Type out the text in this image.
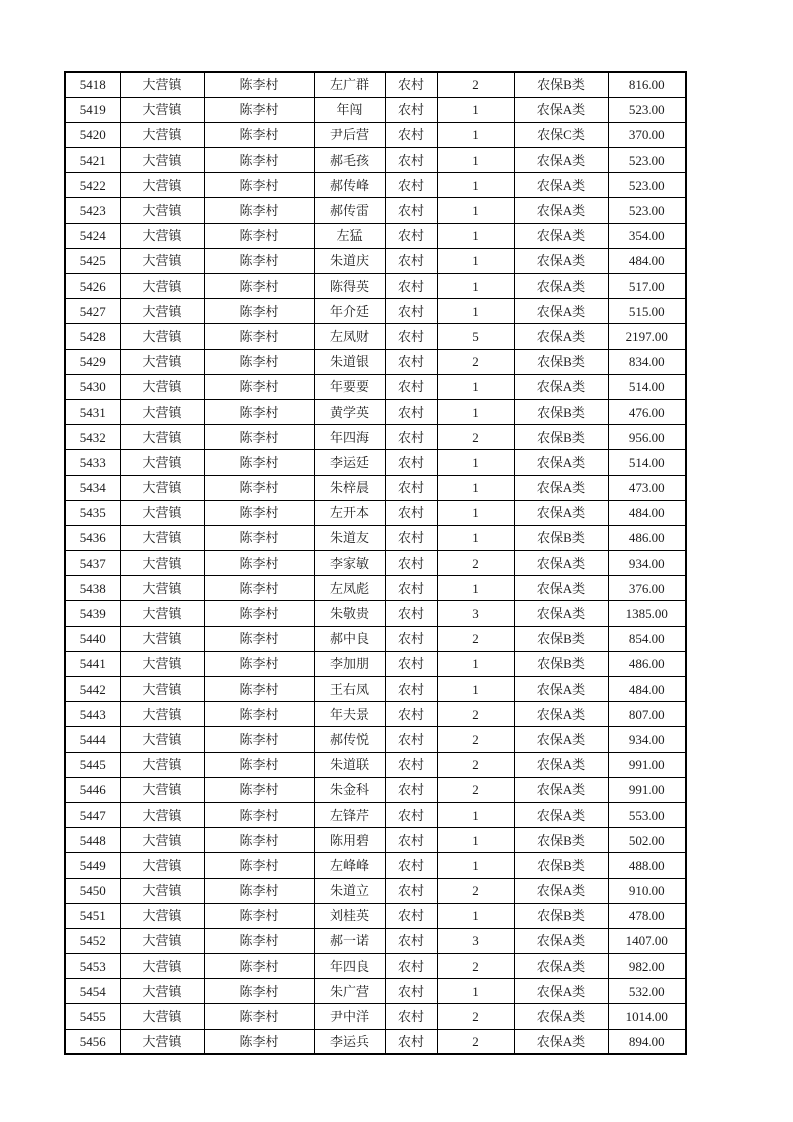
5418	大营镇	陈李村	左广群	农村	2	农保B类	816.00
5419	大营镇	陈李村	年闯	农村	1	农保A类	523.00
5420	大营镇	陈李村	尹后营	农村	1	农保C类	370.00
5421	大营镇	陈李村	郝毛孩	农村	1	农保A类	523.00
5422	大营镇	陈李村	郝传峰	农村	1	农保A类	523.00
5423	大营镇	陈李村	郝传雷	农村	1	农保A类	523.00
5424	大营镇	陈李村	左猛	农村	1	农保A类	354.00
5425	大营镇	陈李村	朱道庆	农村	1	农保A类	484.00
5426	大营镇	陈李村	陈得英	农村	1	农保A类	517.00
5427	大营镇	陈李村	年介廷	农村	1	农保A类	515.00
5428	大营镇	陈李村	左凤财	农村	5	农保A类	2197.00
5429	大营镇	陈李村	朱道银	农村	2	农保B类	834.00
5430	大营镇	陈李村	年要要	农村	1	农保A类	514.00
5431	大营镇	陈李村	黄学英	农村	1	农保B类	476.00
5432	大营镇	陈李村	年四海	农村	2	农保B类	956.00
5433	大营镇	陈李村	李运廷	农村	1	农保A类	514.00
5434	大营镇	陈李村	朱梓晨	农村	1	农保A类	473.00
5435	大营镇	陈李村	左开本	农村	1	农保A类	484.00
5436	大营镇	陈李村	朱道友	农村	1	农保B类	486.00
5437	大营镇	陈李村	李家敏	农村	2	农保A类	934.00
5438	大营镇	陈李村	左凤彪	农村	1	农保A类	376.00
5439	大营镇	陈李村	朱敬贵	农村	3	农保A类	1385.00
5440	大营镇	陈李村	郝中良	农村	2	农保B类	854.00
5441	大营镇	陈李村	李加朋	农村	1	农保B类	486.00
5442	大营镇	陈李村	王右凤	农村	1	农保A类	484.00
5443	大营镇	陈李村	年夫景	农村	2	农保A类	807.00
5444	大营镇	陈李村	郝传悦	农村	2	农保A类	934.00
5445	大营镇	陈李村	朱道联	农村	2	农保A类	991.00
5446	大营镇	陈李村	朱金科	农村	2	农保A类	991.00
5447	大营镇	陈李村	左锋芹	农村	1	农保A类	553.00
5448	大营镇	陈李村	陈用碧	农村	1	农保B类	502.00
5449	大营镇	陈李村	左峰峰	农村	1	农保B类	488.00
5450	大营镇	陈李村	朱道立	农村	2	农保A类	910.00
5451	大营镇	陈李村	刘桂英	农村	1	农保B类	478.00
5452	大营镇	陈李村	郝一诺	农村	3	农保A类	1407.00
5453	大营镇	陈李村	年四良	农村	2	农保A类	982.00
5454	大营镇	陈李村	朱广营	农村	1	农保A类	532.00
5455	大营镇	陈李村	尹中洋	农村	2	农保A类	1014.00
5456	大营镇	陈李村	李运兵	农村	2	农保A类	894.00
